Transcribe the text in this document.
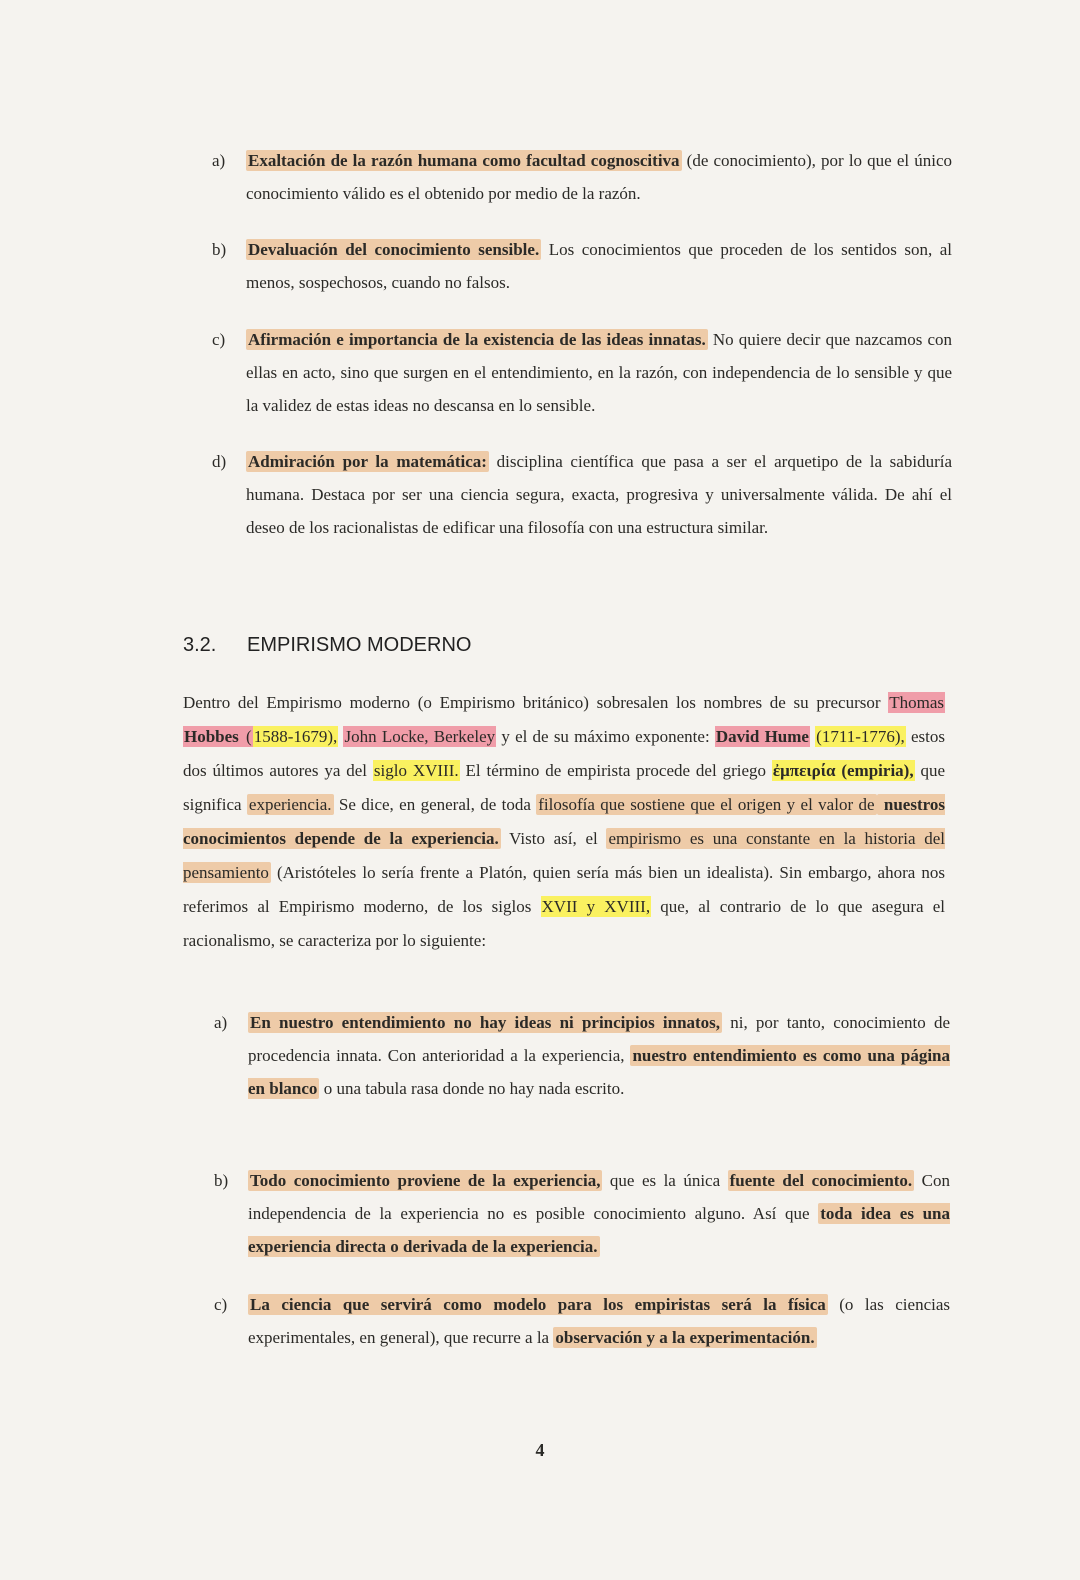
a)	Exaltación de la razón humana como facultad cognoscitiva (de conocimiento), por lo que el único conocimiento válido es el obtenido por medio de la razón.
b)	Devaluación del conocimiento sensible. Los conocimientos que proceden de los sentidos son, al menos, sospechosos, cuando no falsos.
c)	Afirmación e importancia de la existencia de las ideas innatas. No quiere decir que nazcamos con ellas en acto, sino que surgen en el entendimiento, en la razón, con independencia de lo sensible y que la validez de estas ideas no descansa en lo sensible.
d)	Admiración por la matemática: disciplina científica que pasa a ser el arquetipo de la sabiduría humana. Destaca por ser una ciencia segura, exacta, progresiva y universalmente válida. De ahí el deseo de los racionalistas de edificar una filosofía con una estructura similar.
3.2. EMPIRISMO MODERNO
Dentro del Empirismo moderno (o Empirismo británico) sobresalen los nombres de su precursor Thomas Hobbes ( 1588-1679), John Locke, Berkeley y el de su máximo exponente: David Hume (1711-1776), estos dos últimos autores ya del siglo XVIII. El término de empirista procede del griego ἐμπειρία (empiria), que significa experiencia. Se dice, en general, de toda filosofía que sostiene que el origen y el valor de nuestros conocimientos depende de la experiencia. Visto así, el empirismo es una constante en la historia del pensamiento (Aristóteles lo sería frente a Platón, quien sería más bien un idealista). Sin embargo, ahora nos referimos al Empirismo moderno, de los siglos XVII y XVIII, que, al contrario de lo que asegura el racionalismo, se caracteriza por lo siguiente:
a)	En nuestro entendimiento no hay ideas ni principios innatos, ni, por tanto, conocimiento de procedencia innata. Con anterioridad a la experiencia, nuestro entendimiento es como una página en blanco o una tabula rasa donde no hay nada escrito.
b)	Todo conocimiento proviene de la experiencia, que es la única fuente del conocimiento. Con independencia de la experiencia no es posible conocimiento alguno. Así que toda idea es una experiencia directa o derivada de la experiencia.
c)	La ciencia que servirá como modelo para los empiristas será la física (o las ciencias experimentales, en general), que recurre a la observación y a la experimentación.
4
